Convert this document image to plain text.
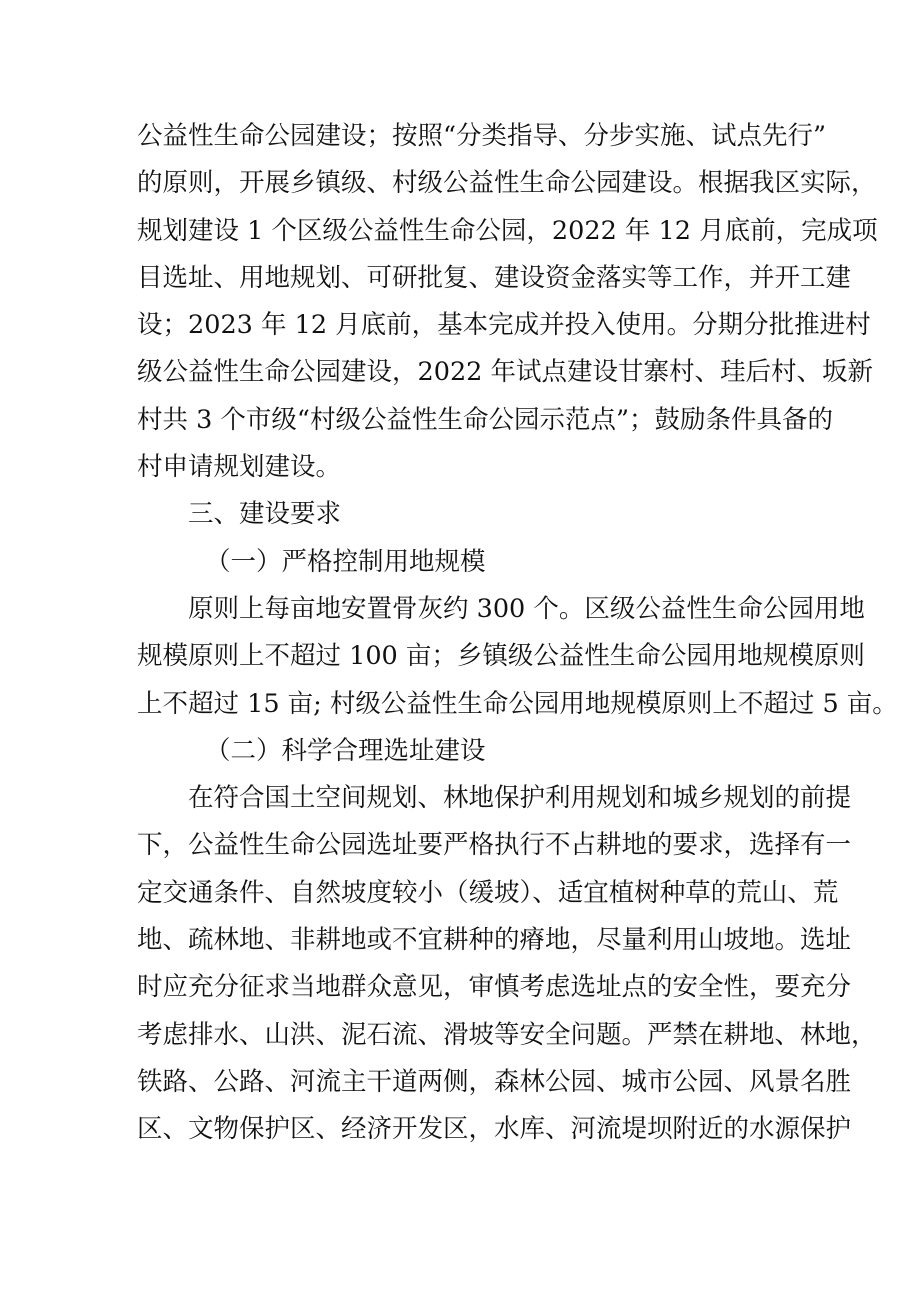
公益性生命公园建设；按照“分类指导、分步实施、试点先行”
的原则，开展乡镇级、村级公益性生命公园建设。根据我区实际，
规划建设 1 个区级公益性生命公园，2022 年 12 月底前，完成项
目选址、用地规划、可研批复、建设资金落实等工作，并开工建
设；2023 年 12 月底前，基本完成并投入使用。分期分批推进村
级公益性生命公园建设，2022 年试点建设甘寨村、珪后村、坂新
村共 3 个市级“村级公益性生命公园示范点”；鼓励条件具备的
村申请规划建设。
三、建设要求
（一）严格控制用地规模
原则上每亩地安置骨灰约 300 个。区级公益性生命公园用地
规模原则上不超过 100 亩；乡镇级公益性生命公园用地规模原则
上不超过 15 亩; 村级公益性生命公园用地规模原则上不超过 5 亩。
（二）科学合理选址建设
在符合国土空间规划、林地保护利用规划和城乡规划的前提
下，公益性生命公园选址要严格执行不占耕地的要求，选择有一
定交通条件、自然坡度较小（缓坡）、适宜植树种草的荒山、荒
地、疏林地、非耕地或不宜耕种的瘠地，尽量利用山坡地。选址
时应充分征求当地群众意见，审慎考虑选址点的安全性，要充分
考虑排水、山洪、泥石流、滑坡等安全问题。严禁在耕地、林地，
铁路、公路、河流主干道两侧，森林公园、城市公园、风景名胜
区、文物保护区、经济开发区，水库、河流堤坝附近的水源保护
